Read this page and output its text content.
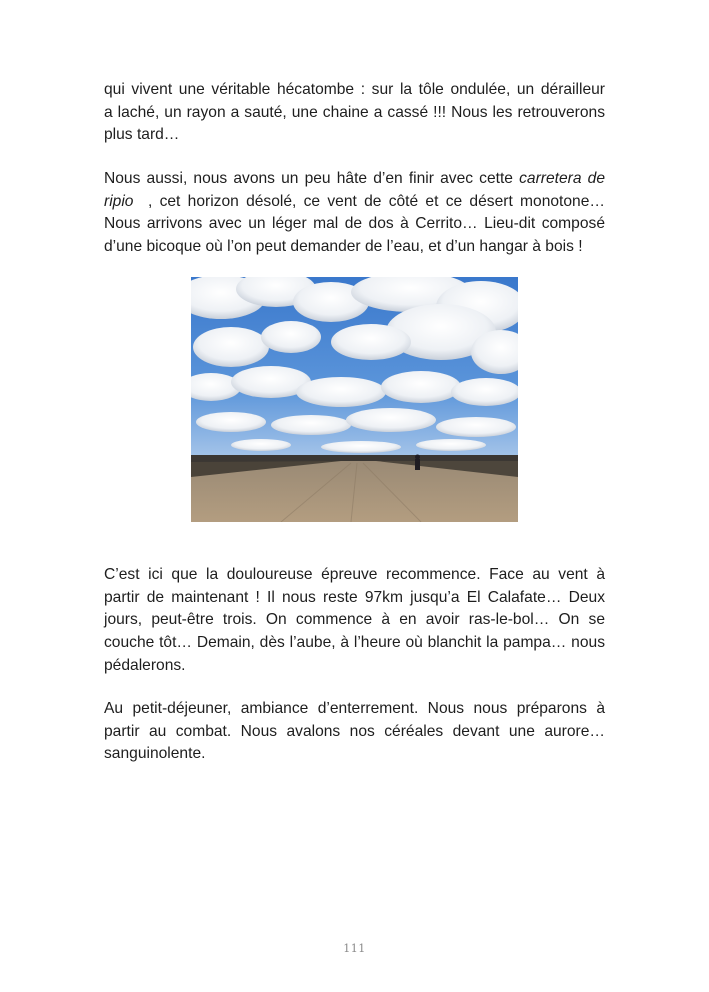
qui vivent une véritable hécatombe : sur la tôle ondulée, un dérailleur
a laché, un rayon a sauté, une chaine a cassé !!! Nous les retrouverons
plus tard…

Nous aussi, nous avons un peu hâte d’en finir avec cette carretera de
ripio  , cet horizon désolé, ce vent de côté et ce désert monotone…
Nous arrivons avec un léger mal de dos à Cerrito… Lieu-dit composé
d’une bicoque où l’on peut demander de l’eau, et d’un hangar à bois !

C’est ici que la douloureuse épreuve recommence. Face au vent à
partir de maintenant ! Il nous reste 97km jusqu’a El Calafate… Deux
jours, peut-être trois. On commence à en avoir ras-le-bol… On se
couche tôt… Demain, dès l’aube, à l’heure où blanchit la pampa… nous
pédalerons.

Au petit-déjeuner, ambiance d’enterrement. Nous nous préparons à
partir au combat. Nous avalons nos céréales devant une aurore…
sanguinolente.

111
